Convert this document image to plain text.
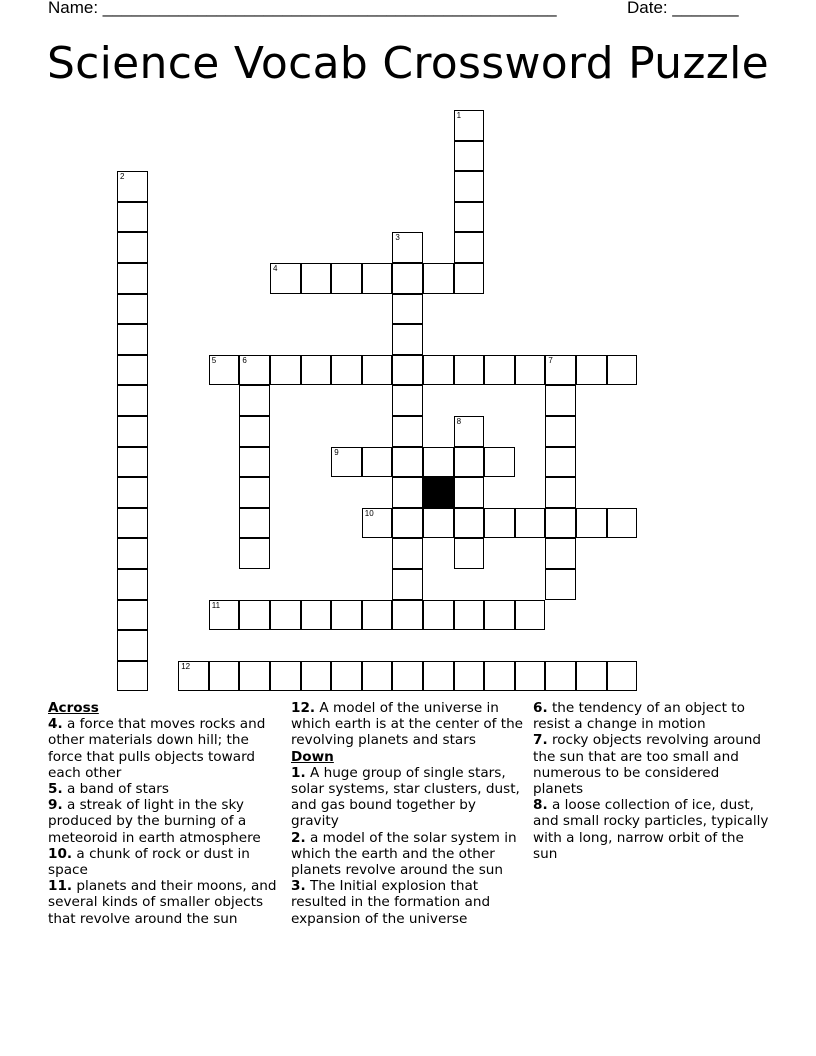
Name: ________________________________________________	Date: _______
Science Vocab Crossword Puzzle
1
2
3
4
5	6	7
8
9
10
11
12

Across

4. a force that moves rocks and other materials down hill; the force that pulls objects toward each other

5. a band of stars

9. a streak of light in the sky produced by the burning of a meteoroid in earth atmosphere

10. a chunk of rock or dust in space

11. planets and their moons, and several kinds of smaller objects that revolve around the sun

12. A model of the universe in which earth is at the center of the revolving planets and stars

Down

1. A huge group of single stars, solar systems, star clusters, dust, and gas bound together by gravity

2. a model of the solar system in which the earth and the other planets revolve around the sun

3. The Initial explosion that resulted in the formation and expansion of the universe

6. the tendency of an object to resist a change in motion

7. rocky objects revolving around the sun that are too small and numerous to be considered planets

8. a loose collection of ice, dust, and small rocky particles, typically with a long, narrow orbit of the sun
